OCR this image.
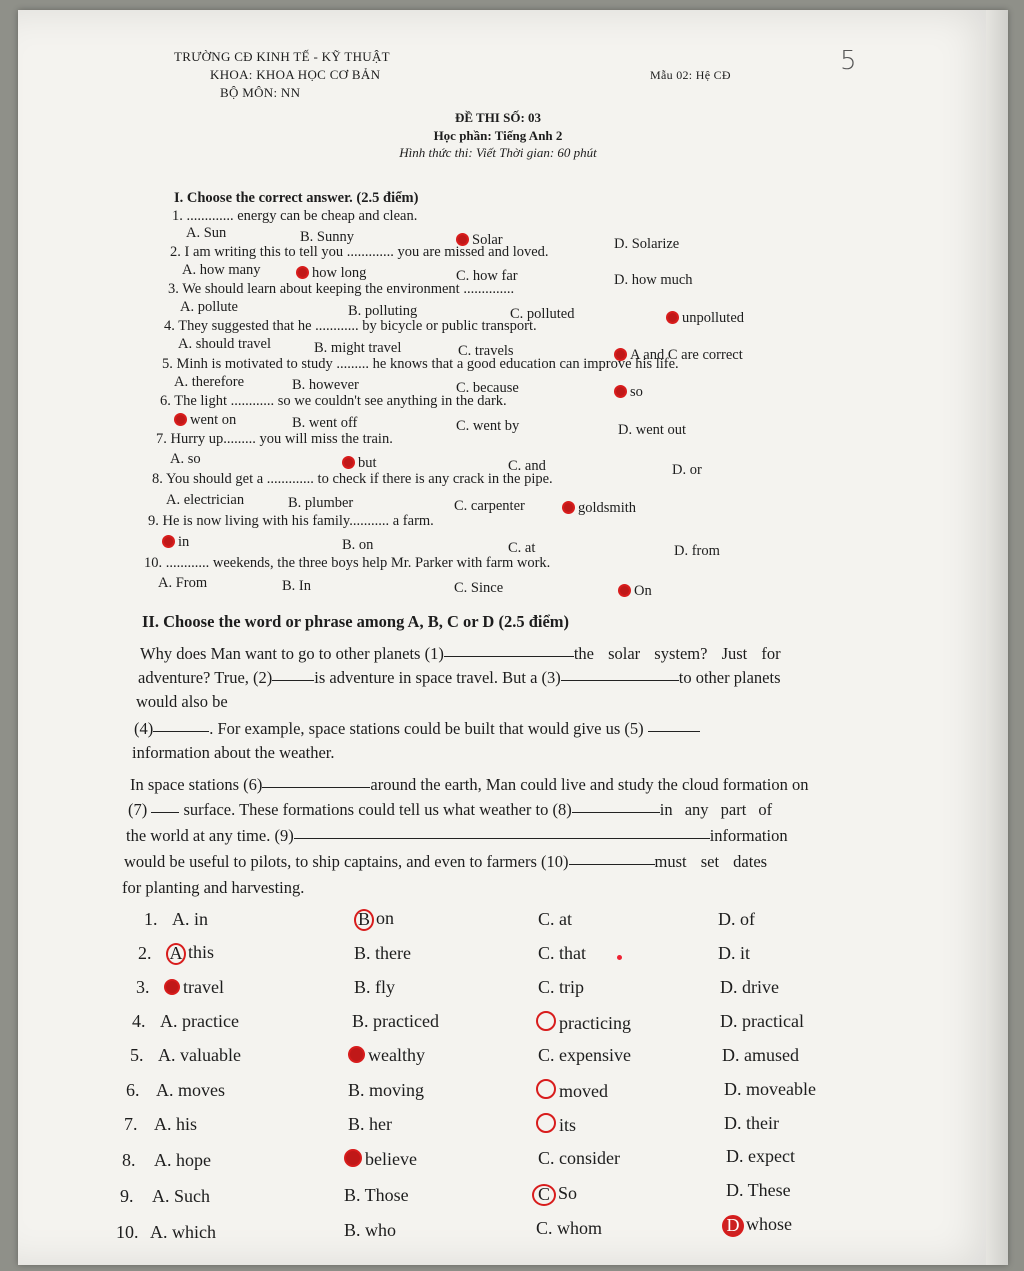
TRƯỜNG CĐ KINH TẾ - KỸ THUẬT
KHOA: KHOA HỌC CƠ BẢN
BỘ MÔN: NN
Mẫu 02: Hệ CĐ	5
ĐỀ THI SỐ: 03
Học phần: Tiếng Anh 2
Hình thức thi: Viết Thời gian: 60 phút
I. Choose the correct answer. (2.5 điểm)
1. ............. energy can be cheap and clean.
A. Sun	B. Sunny	Solar	D. Solarize
2. I am writing this to tell you ............. you are missed and loved.
A. how many	how long	C. how far	D. how much
3. We should learn about keeping the environment ..............
A. pollute	B. polluting	C. polluted	unpolluted
4. They suggested that he ............ by bicycle or public transport.
A. should travel	B. might travel	C. travels	A and C are correct
5. Minh is motivated to study ......... he knows that a good education can improve his life.
A. therefore	B. however	C. because	so
6. The light ............ so we couldn't see anything in the dark.
went on	B. went off	C. went by	D. went out
7. Hurry up......... you will miss the train.
A. so	but	C. and	D. or
8. You should get a ............. to check if there is any crack in the pipe.
A. electrician	B. plumber	C. carpenter	goldsmith
9. He is now living with his family........... a farm.
in	B. on	C. at	D. from
10. ............ weekends, the three boys help Mr. Parker with farm work.
A. From	B. In	C. Since	On
II. Choose the word or phrase among A, B, C or D (2.5 điểm)
Why does Man want to go to other planets (1)	the solar system? Just for
adventure? True, (2)	is adventure in space travel. But a (3)	to other planets
would also be
(4)	. For example, space stations could be built that would give us (5)
information about the weather.
In space stations (6)	around the earth, Man could live and study the cloud formation on
(7) surface. These formations could tell us what weather to (8)	in any part of
the world at any time. (9)	information
would be useful to pilots, to ship captains, and even to farmers (10)	must set dates
for planting and harvesting.
1. A. in	B on	C. at	D. of
2. A this	B. there	C. that	D. it
3.	travel	B. fly	C. trip	D. drive
4. A. practice	B. practiced	practicing	D. practical
5. A. valuable	wealthy	C. expensive	D. amused
6. A. moves	B. moving	moved	D. moveable
7. A. his	B. her	its	D. their
8. A. hope	believe	C. consider	D. expect
9. A. Such	B. Those	C So	D. These
10. A. which	B. who	C. whom	D whose
